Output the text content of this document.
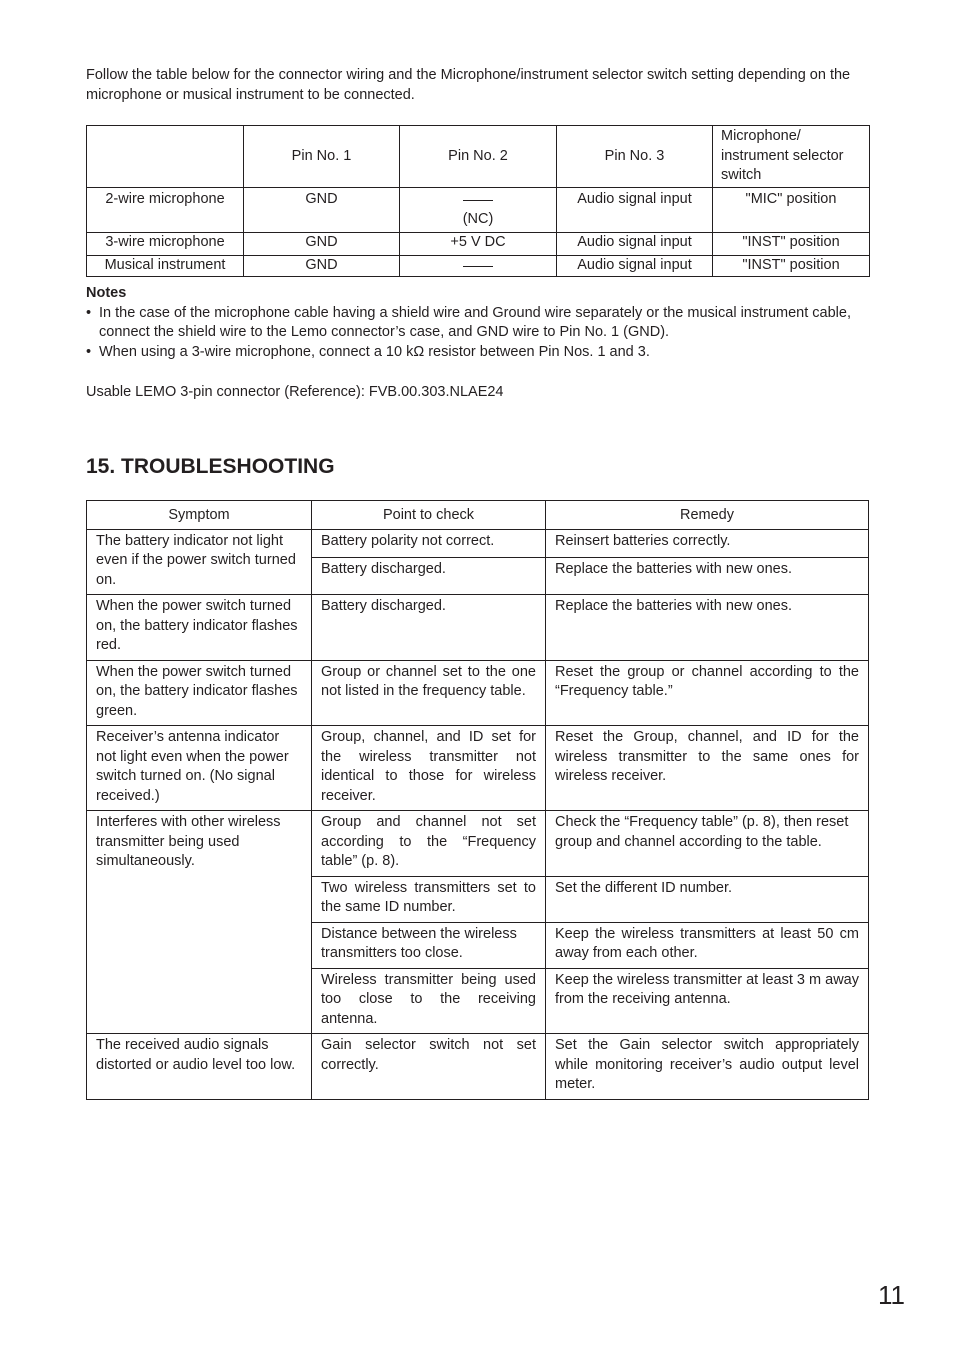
Follow the table below for the connector wiring and the Microphone/instrument selector switch setting depending on the microphone or musical instrument to be connected.
	Pin No. 1	Pin No. 2	Pin No. 3	Microphone/ instrument selector switch
2-wire microphone	GND	(NC)	Audio signal input	"MIC" position
3-wire microphone	GND	+5 V DC	Audio signal input	"INST" position
Musical instrument	GND		Audio signal input	"INST" position
Notes
• In the case of the microphone cable having a shield wire and Ground wire separately or the musical instrument cable, connect the shield wire to the Lemo connector’s case, and GND wire to Pin No. 1 (GND).
• When using a 3-wire microphone, connect a 10 kΩ resistor between Pin Nos. 1 and 3.
Usable LEMO 3-pin connector (Reference): FVB.00.303.NLAE24
15. TROUBLESHOOTING
Symptom	Point to check	Remedy
The battery indicator not light even if the power switch turned on.	Battery polarity not correct.	Reinsert batteries correctly.
	Battery discharged.	Replace the batteries with new ones.
When the power switch turned on, the battery indicator flashes red.	Battery discharged.	Replace the batteries with new ones.
When the power switch turned on, the battery indicator flashes green.	Group or channel set to the one not listed in the frequency table.	Reset the group or channel according to the “Frequency table.”
Receiver’s antenna indicator not light even when the power switch turned on. (No signal received.)	Group, channel, and ID set for the wireless transmitter not identical to those for wireless receiver.	Reset the Group, channel, and ID for the wireless transmitter to the same ones for wireless receiver.
Interferes with other wireless transmitter being used simultaneously.	Group and channel not set according to the “Frequency table” (p. 8).	Check the “Frequency table” (p. 8), then reset group and channel according to the table.
	Two wireless transmitters set to the same ID number.	Set the different ID number.
	Distance between the wireless transmitters too close.	Keep the wireless transmitters at least 50 cm away from each other.
	Wireless transmitter being used too close to the receiving antenna.	Keep the wireless transmitter at least 3 m away from the receiving antenna.
The received audio signals distorted or audio level too low.	Gain selector switch not set correctly.	Set the Gain selector switch appropriately while monitoring receiver’s audio output level meter.
11
